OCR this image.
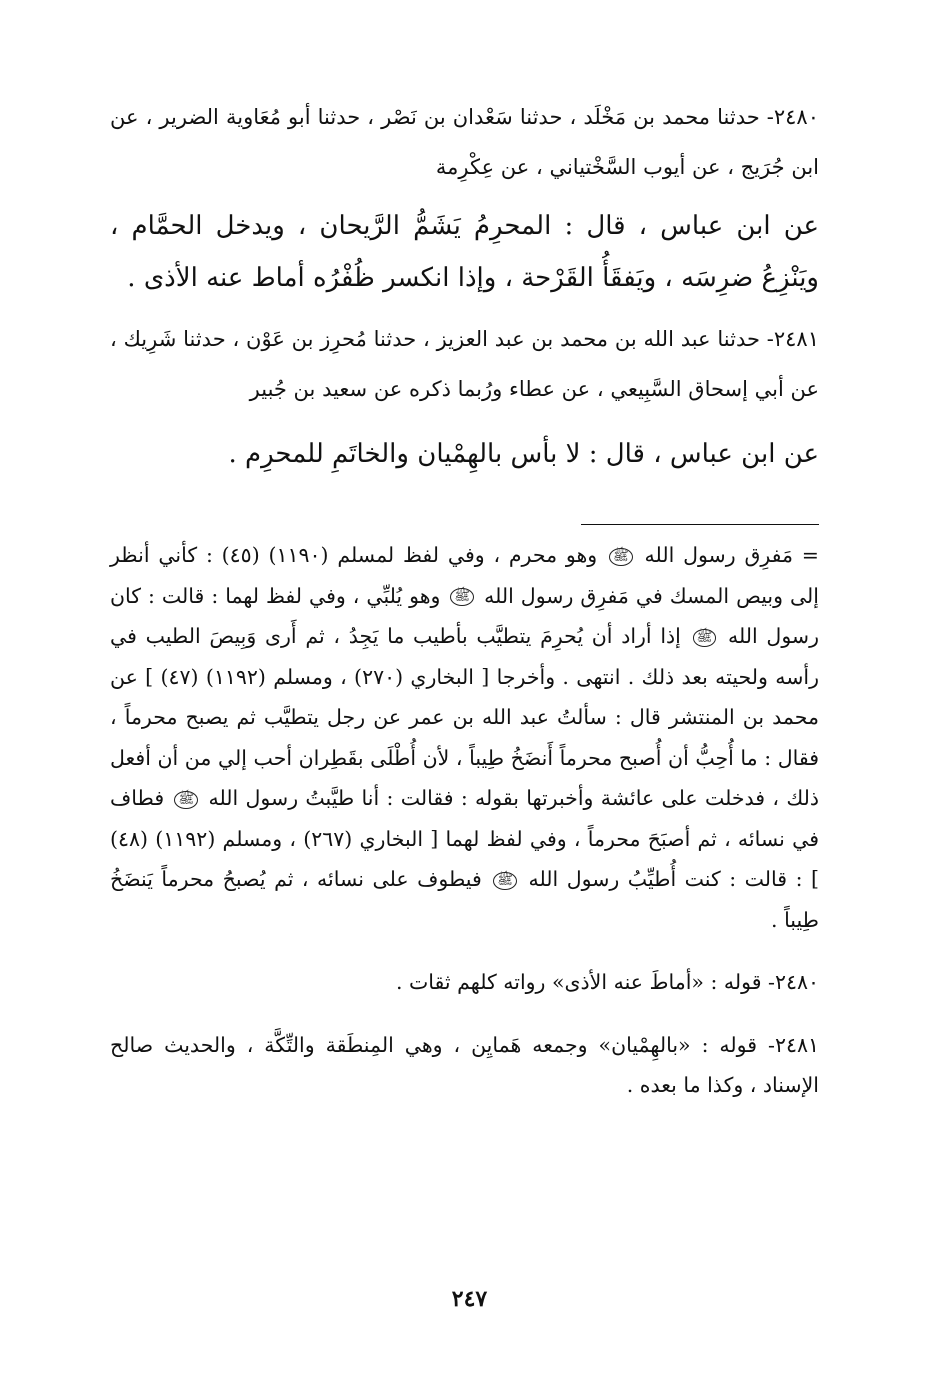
٢٤٨٠- حدثنا محمد بن مَخْلَد ، حدثنا سَعْدان بن نَصْر ، حدثنا أبو مُعَاوية الضرير ، عن ابن جُرَيج ، عن أيوب السَّخْتياني ، عن عِكْرِمة

عن ابن عباس ، قال : المحرِمُ يَشَمُّ الرَّيحان ، ويدخل الحمَّام ، ويَنْزِعُ ضرِسَه ، ويَفقَأُ القَرْحة ، وإذا انكسر ظُفْرُه أماط عنه الأذى .

٢٤٨١- حدثنا عبد الله بن محمد بن عبد العزيز ، حدثنا مُحرِز بن عَوْن ، حدثنا شَرِيك ، عن أبي إسحاق السَّبِيعي ، عن عطاء ورُبما ذكره عن سعيد بن جُبير

عن ابن عباس ، قال : لا بأس بالهِمْيان والخاتَمِ للمحرِم .

= مَفرِق رسول الله ﷺ وهو محرم ، وفي لفظ لمسلم (١١٩٠) (٤٥) : كأني أنظر إلى وبيص المسك في مَفرِق رسول الله ﷺ وهو يُلبِّي ، وفي لفظ لهما : قالت : كان رسول الله ﷺ إذا أراد أن يُحرِمَ يتطيَّب بأطيب ما يَجِدُ ، ثم أَرى وَبِيصَ الطيب في رأسه ولحيته بعد ذلك . انتهى . وأخرجا [ البخاري (٢٧٠) ، ومسلم (١١٩٢) (٤٧) ] عن محمد بن المنتشر قال : سألتُ عبد الله بن عمر عن رجل يتطيَّب ثم يصبح محرماً ، فقال : ما أُحِبُّ أن أُصبح محرماً أَنضَخُ طِيباً ، لأن أُطْلَى بقَطِران أحب إلي من أن أفعل ذلك ، فدخلت على عائشة وأخبرتها بقوله : فقالت : أنا طيَّبتُ رسول الله ﷺ فطاف في نسائه ، ثم أصبَحَ محرماً ، وفي لفظ لهما [ البخاري (٢٦٧) ، ومسلم (١١٩٢) (٤٨) ] : قالت : كنت أُطيِّبُ رسول الله ﷺ فيطوف على نسائه ، ثم يُصبحُ محرماً يَنضَخُ طِيباً .

٢٤٨٠- قوله : «أماطَ عنه الأذى» رواته كلهم ثقات .

٢٤٨١- قوله : «بالهِمْيان» وجمعه هَمايِن ، وهي المِنطَقة والتِّكَّة ، والحديث صالح الإسناد ، وكذا ما بعده .

٢٤٧
